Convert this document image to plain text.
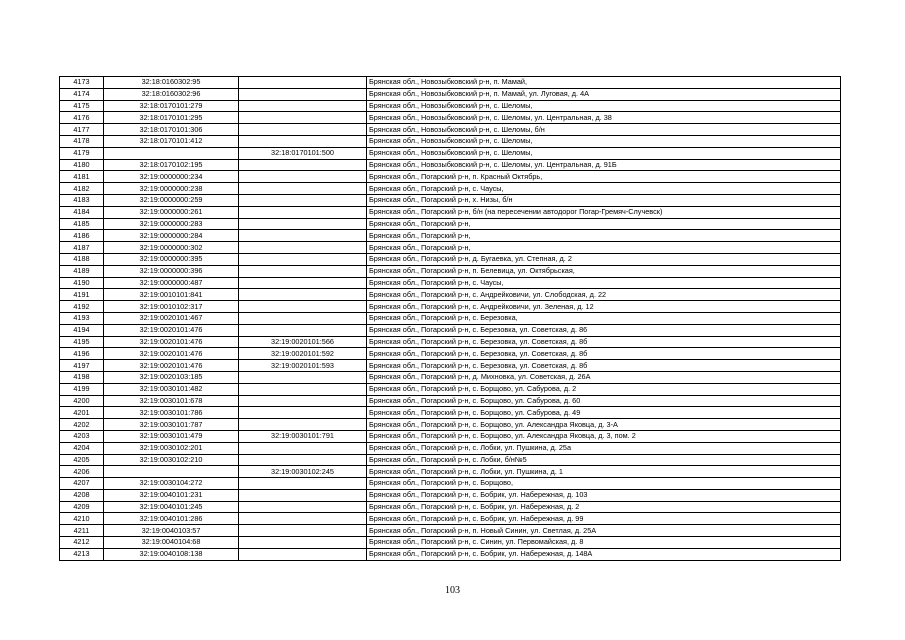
4173	32:18:0160302:95		Брянская обл., Новозыбковский р-н, п. Мамай,
4174	32:18:0160302:96		Брянская обл., Новозыбковский р-н, п. Мамай, ул. Луговая, д. 4А
4175	32:18:0170101:279		Брянская обл., Новозыбковский р-н, с. Шеломы,
4176	32:18:0170101:295		Брянская обл., Новозыбковский р-н, с. Шеломы, ул. Центральная, д. 38
4177	32:18:0170101:306		Брянская обл., Новозыбковский р-н, с. Шеломы, б/н
4178	32:18:0170101:412		Брянская обл., Новозыбковский р-н, с. Шеломы,
4179		32:18:0170101:500	Брянская обл., Новозыбковский р-н, с. Шеломы,
4180	32:18:0170102:195		Брянская обл., Новозыбковский р-н, с. Шеломы, ул. Центральная, д. 91Б
4181	32:19:0000000:234		Брянская обл., Погарский р-н, п. Красный Октябрь,
4182	32:19:0000000:238		Брянская обл., Погарский р-н, с. Чаусы,
4183	32:19:0000000:259		Брянская обл., Погарский р-н, х. Низы, б/н
4184	32:19:0000000:261		Брянская обл., Погарский р-н, б/н (на пересечении автодорог Погар-Гремяч-Случевск)
4185	32:19:0000000:283		Брянская обл., Погарский р-н,
4186	32:19:0000000:284		Брянская обл., Погарский р-н,
4187	32:19:0000000:302		Брянская обл., Погарский р-н,
4188	32:19:0000000:395		Брянская обл., Погарский р-н, д. Бугаевка, ул. Степная, д. 2
4189	32:19:0000000:396		Брянская обл., Погарский р-н, п. Белевица, ул. Октябрьская,
4190	32:19:0000000:487		Брянская обл., Погарский р-н, с. Чаусы,
4191	32:19:0010101:841		Брянская обл., Погарский р-н, с. Андрейковичи, ул. Слободская, д. 22
4192	32:19:0010102:317		Брянская обл., Погарский р-н, с. Андрейковичи, ул. Зеленая, д. 12
4193	32:19:0020101:467		Брянская обл., Погарский р-н, с. Березовка,
4194	32:19:0020101:476		Брянская обл., Погарский р-н, с. Березовка, ул. Советская, д. 86
4195	32:19:0020101:476	32:19:0020101:566	Брянская обл., Погарский р-н, с. Березовка, ул. Советская, д. 8б
4196	32:19:0020101:476	32:19:0020101:592	Брянская обл., Погарский р-н, с. Березовка, ул. Советская, д. 8б
4197	32:19:0020101:476	32:19:0020101:593	Брянская обл., Погарский р-н, с. Березовка, ул. Советская, д. 8б
4198	32:19:0020103:185		Брянская обл., Погарский р-н, д. Михновка, ул. Советская, д. 26А
4199	32:19:0030101:482		Брянская обл., Погарский р-н, с. Борщово, ул. Сабурова, д. 2
4200	32:19:0030101:678		Брянская обл., Погарский р-н, с. Борщово, ул. Сабурова, д. 60
4201	32:19:0030101:786		Брянская обл., Погарский р-н, с. Борщово, ул. Сабурова, д. 49
4202	32:19:0030101:787		Брянская обл., Погарский р-н, с. Борщово, ул. Александра Яковца, д. 3-А
4203	32:19:0030101:479	32:19:0030101:791	Брянская обл., Погарский р-н, с. Борщово, ул. Александра Яковца, д. 3, пом. 2
4204	32:19:0030102:201		Брянская обл., Погарский р-н, с. Лобки, ул. Пушкина, д. 25а
4205	32:19:0030102:210		Брянская обл., Погарский р-н, с. Лобки, б/н№5
4206		32:19:0030102:245	Брянская обл., Погарский р-н, с. Лобки, ул. Пушкина, д. 1
4207	32:19:0030104:272		Брянская обл., Погарский р-н, с. Борщово,
4208	32:19:0040101:231		Брянская обл., Погарский р-н, с. Бобрик, ул. Набережная, д. 103
4209	32:19:0040101:245		Брянская обл., Погарский р-н, с. Бобрик, ул. Набережная, д. 2
4210	32:19:0040101:286		Брянская обл., Погарский р-н, с. Бобрик, ул. Набережная, д. 99
4211	32:19:0040103:57		Брянская обл., Погарский р-н, п. Новый Синин, ул. Светлая, д. 25А
4212	32:19:0040104:68		Брянская обл., Погарский р-н, с. Синин, ул. Первомайская, д. 8
4213	32:19:0040108:138		Брянская обл., Погарский р-н, с. Бобрик, ул. Набережная, д. 148А
103
